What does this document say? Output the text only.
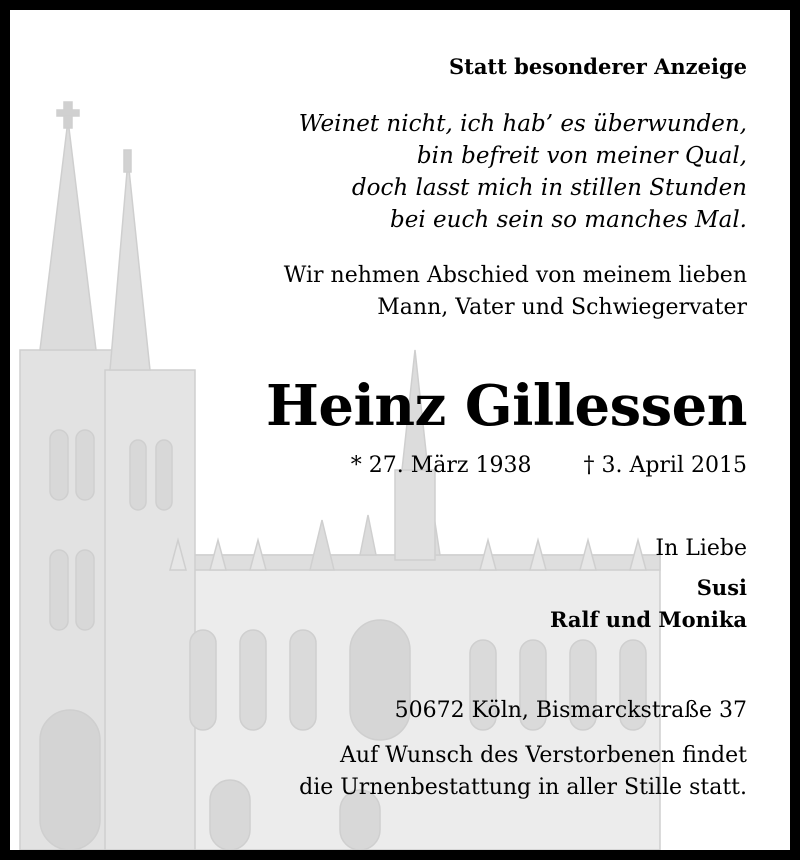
Statt besonderer Anzeige
Weinet nicht, ich hab’ es überwunden,
bin befreit von meiner Qual,
doch lasst mich in stillen Stunden
bei euch sein so manches Mal.
Wir nehmen Abschied von meinem lieben
Mann, Vater und Schwiegervater
Heinz Gillessen
* 27. März 1938 † 3. April 2015
In Liebe
Susi
Ralf und Monika
50672 Köln, Bismarckstraße 37
Auf Wunsch des Verstorbenen findet
die Urnenbestattung in aller Stille statt.
